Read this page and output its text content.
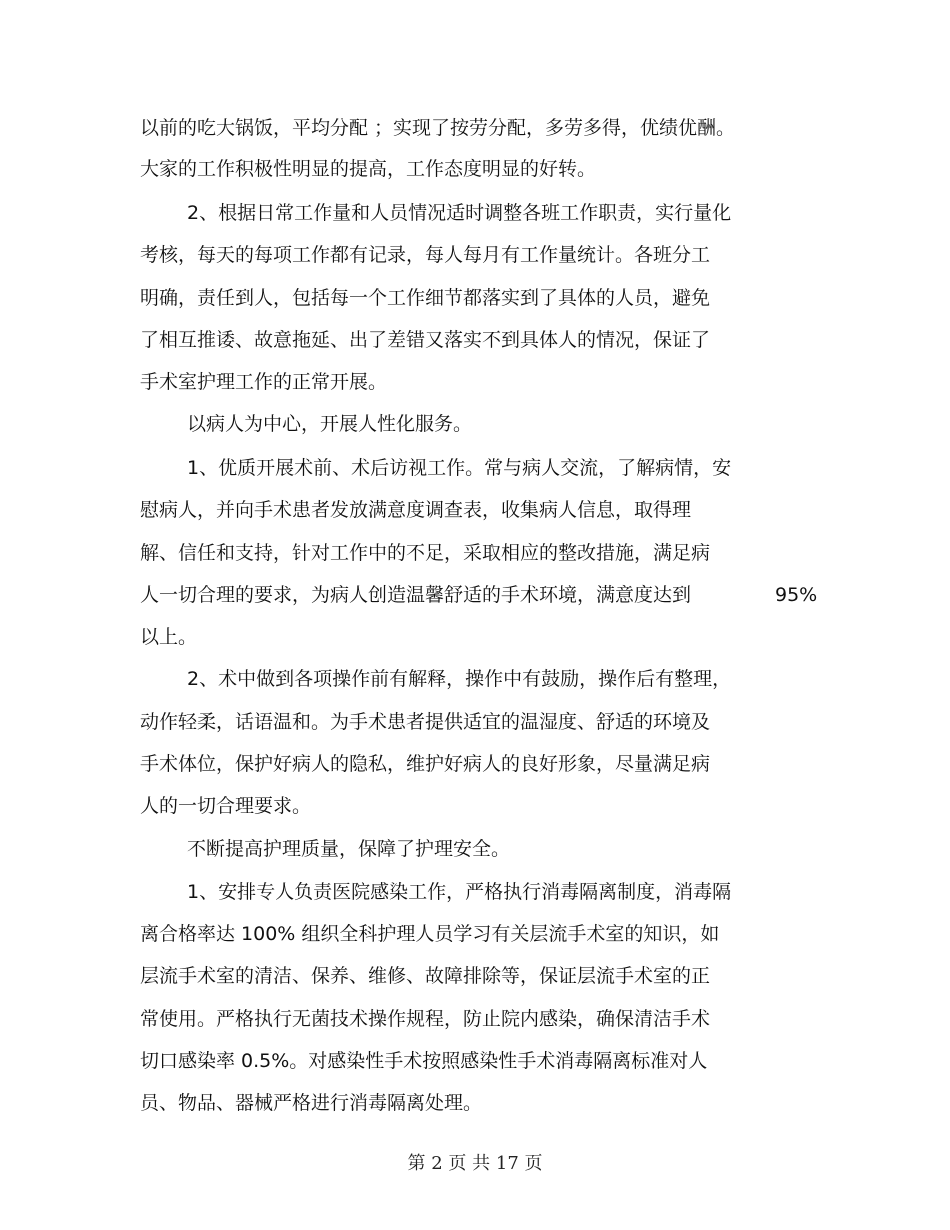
以前的吃大锅饭，平均分配 ；实现了按劳分配，多劳多得，优绩优酬。

大家的工作积极性明显的提高，工作态度明显的好转。

2、根据日常工作量和人员情况适时调整各班工作职责，实行量化

考核，每天的每项工作都有记录，每人每月有工作量统计。各班分工

明确，责任到人，包括每一个工作细节都落实到了具体的人员，避免

了相互推诿、故意拖延、出了差错又落实不到具体人的情况，保证了

手术室护理工作的正常开展。

以病人为中心，开展人性化服务。

1、优质开展术前、术后访视工作。常与病人交流，了解病情，安

慰病人，并向手术患者发放满意度调查表，收集病人信息，取得理

解、信任和支持，针对工作中的不足，采取相应的整改措施，满足病

人一切合理的要求，为病人创造温馨舒适的手术环境，满意度达到	95%

以上。

2、术中做到各项操作前有解释，操作中有鼓励，操作后有整理，

动作轻柔，话语温和。为手术患者提供适宜的温湿度、舒适的环境及

手术体位，保护好病人的隐私，维护好病人的良好形象，尽量满足病

人的一切合理要求。

不断提高护理质量，保障了护理安全。

1、安排专人负责医院感染工作，严格执行消毒隔离制度，消毒隔

离合格率达 100% 组织全科护理人员学习有关层流手术室的知识，如

层流手术室的清洁、保养、维修、故障排除等，保证层流手术室的正

常使用。严格执行无菌技术操作规程，防止院内感染，确保清洁手术

切口感染率 0.5%。对感染性手术按照感染性手术消毒隔离标准对人

员、物品、器械严格进行消毒隔离处理。

第 2 页 共 17 页
